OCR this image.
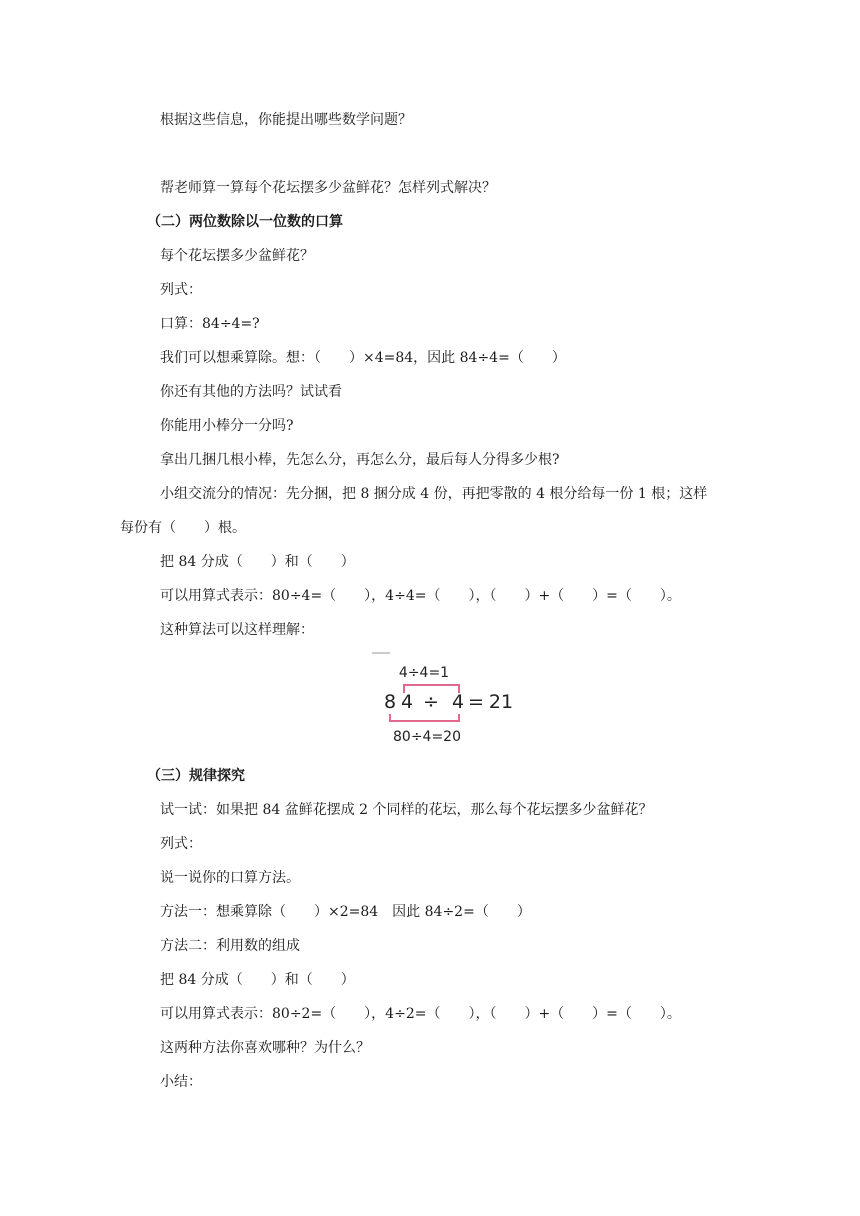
根据这些信息，你能提出哪些数学问题？
帮老师算一算每个花坛摆多少盆鲜花？怎样列式解决？
（二）两位数除以一位数的口算
每个花坛摆多少盆鲜花？
列式：
口算：84÷4=?
我们可以想乘算除。想：（　　）×4=84，因此 84÷4=（　　）
你还有其他的方法吗？试试看
你能用小棒分一分吗?
拿出几捆几根小棒，先怎么分，再怎么分，最后每人分得多少根?
小组交流分的情况：先分捆，把 8 捆分成 4 份，再把零散的 4 根分给每一份 1 根；这样
每份有（　　）根。
把 84 分成（　　）和（　　）
可以用算式表示：80÷4=（　　），4÷4=（　　），（　　）+（　　）=（　　）。
这种算法可以这样理解：
4÷4=1
8 4 ÷ 4 = 21
80÷4=20
（三）规律探究
试一试：如果把 84 盆鲜花摆成 2 个同样的花坛，那么每个花坛摆多少盆鲜花？
列式：
说一说你的口算方法。
方法一：想乘算除（　　）×2=84　因此 84÷2=（　　）
方法二：利用数的组成
把 84 分成（　　）和（　　）
可以用算式表示：80÷2=（　　），4÷2=（　　），（　　）+（　　）=（　　）。
这两种方法你喜欢哪种？为什么？
小结：
